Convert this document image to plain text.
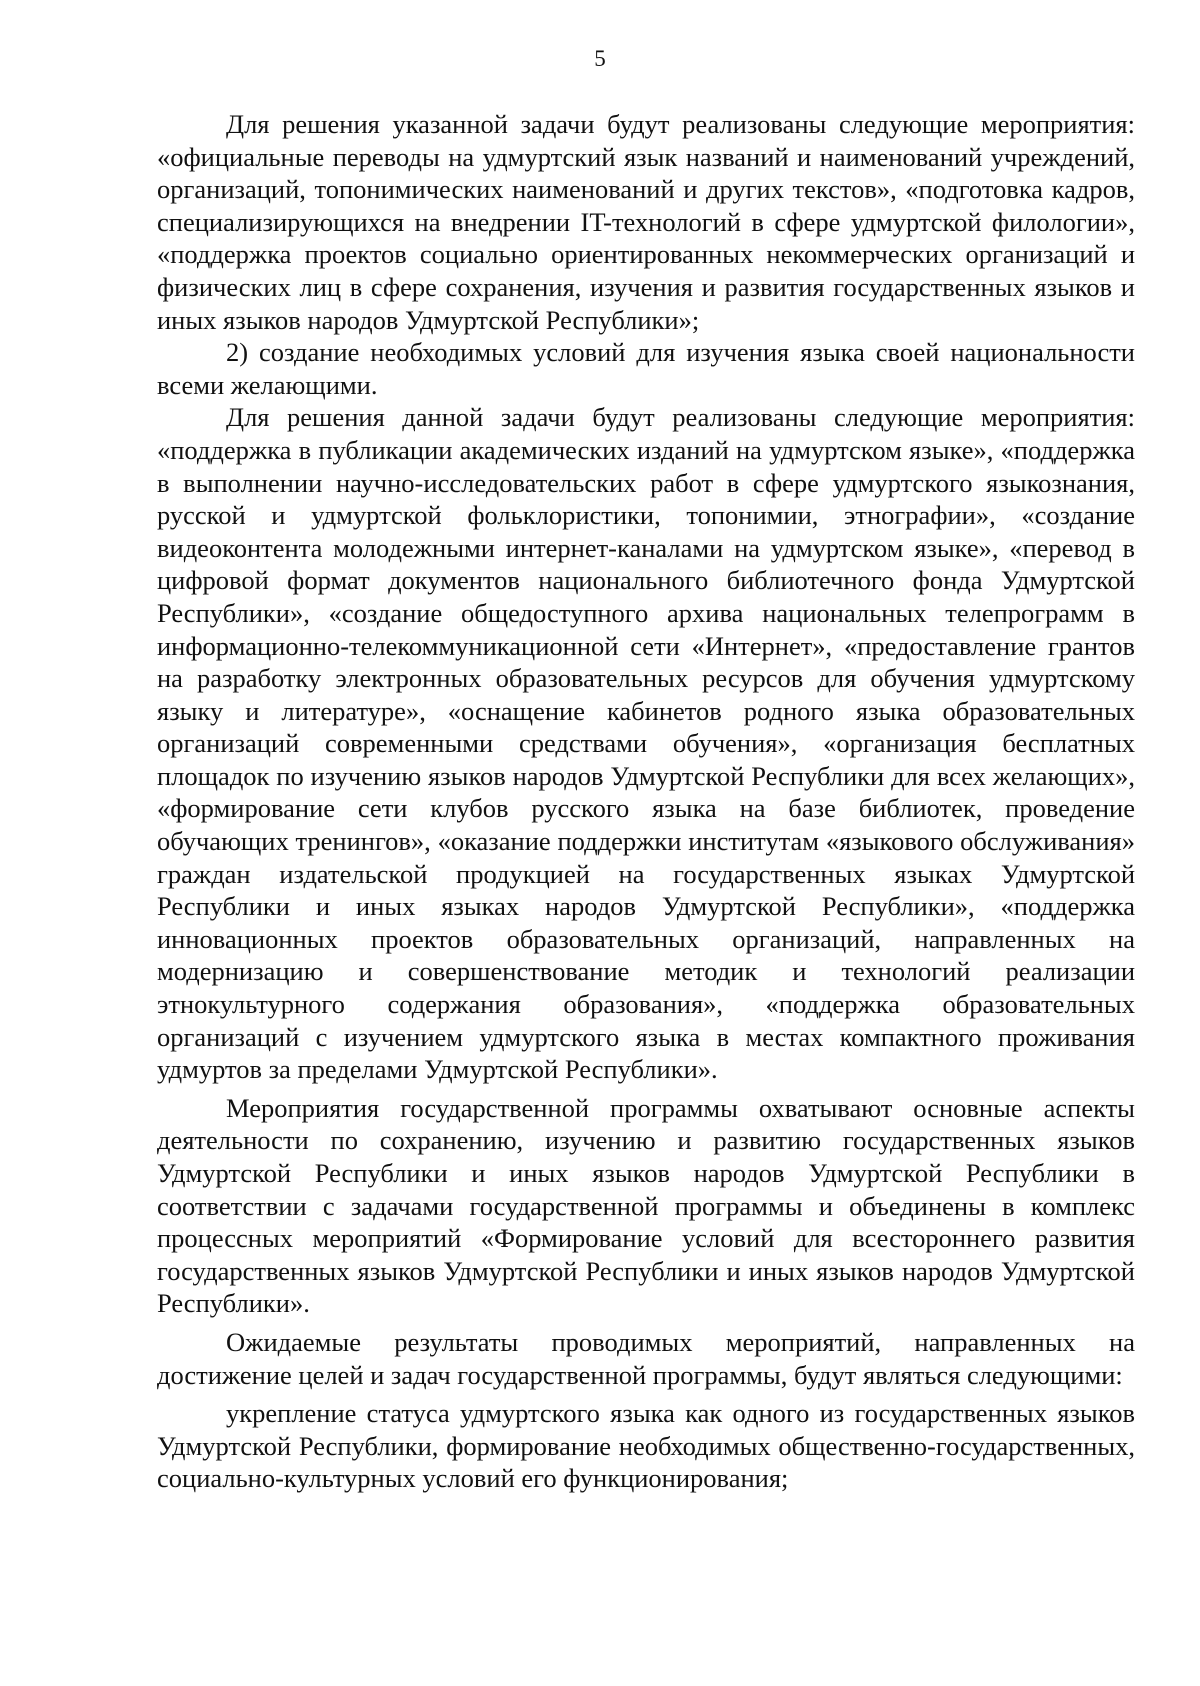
5

Для решения указанной задачи будут реализованы следующие мероприятия: «официальные переводы на удмуртский язык названий и наименований учреждений, организаций, топонимических наименований и других текстов», «подготовка кадров, специализирующихся на внедрении IT-технологий в сфере удмуртской филологии», «поддержка проектов социально ориентированных некоммерческих организаций и физических лиц в сфере сохранения, изучения и развития государственных языков и иных языков народов Удмуртской Республики»;

2) создание необходимых условий для изучения языка своей национальности всеми желающими.

Для решения данной задачи будут реализованы следующие мероприятия: «поддержка в публикации академических изданий на удмуртском языке», «поддержка в выполнении научно-исследовательских работ в сфере удмуртского языкознания, русской и удмуртской фольклористики, топонимии, этнографии», «создание видеоконтента молодежными интернет-каналами на удмуртском языке», «перевод в цифровой формат документов национального библиотечного фонда Удмуртской Республики», «создание общедоступного архива национальных телепрограмм в информационно-телекоммуникационной сети «Интернет», «предоставление грантов на разработку электронных образовательных ресурсов для обучения удмуртскому языку и литературе», «оснащение кабинетов родного языка образовательных организаций современными средствами обучения», «организация бесплатных площадок по изучению языков народов Удмуртской Республики для всех желающих», «формирование сети клубов русского языка на базе библиотек, проведение обучающих тренингов», «оказание поддержки институтам «языкового обслуживания» граждан издательской продукцией на государственных языках Удмуртской Республики и иных языках народов Удмуртской Республики», «поддержка инновационных проектов образовательных организаций, направленных на модернизацию и совершенствование методик и технологий реализации этнокультурного содержания образования», «поддержка образовательных организаций с изучением удмуртского языка в местах компактного проживания удмуртов за пределами Удмуртской Республики».

Мероприятия государственной программы охватывают основные аспекты деятельности по сохранению, изучению и развитию государственных языков Удмуртской Республики и иных языков народов Удмуртской Республики в соответствии с задачами государственной программы и объединены в комплекс процессных мероприятий «Формирование условий для всестороннего развития государственных языков Удмуртской Республики и иных языков народов Удмуртской Республики».

Ожидаемые результаты проводимых мероприятий, направленных на достижение целей и задач государственной программы, будут являться следующими:

укрепление статуса удмуртского языка как одного из государственных языков Удмуртской Республики, формирование необходимых общественно-государственных, социально-культурных условий его функционирования;
